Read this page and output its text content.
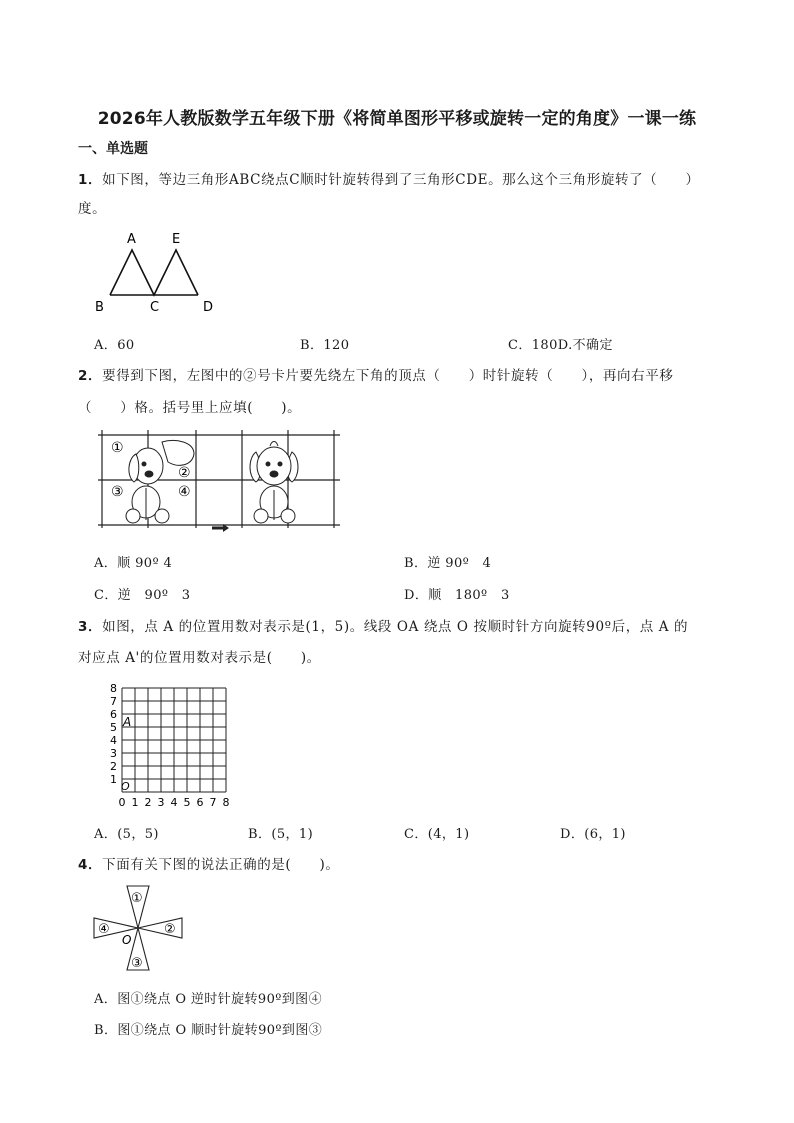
2026年人教版数学五年级下册《将简单图形平移或旋转一定的角度》一课一练
一、单选题
1．如下图，等边三角形ABC绕点C顺时针旋转得到了三角形CDE。那么这个三角形旋转了（　　）
度。
A	E
B	C	D
A．60	B．120	C．180D.不确定
2．要得到下图，左图中的②号卡片要先绕左下角的顶点（　　）时针旋转（　　），再向右平移
（　　）格。括号里上应填(　　)。
①
②
③	④
A．顺 90º 4	B．逆 90º　4
C．逆　90º　3	D．顺　180º　3
3．如图，点 A 的位置用数对表示是(1，5)。线段 OA 绕点 O 按顺时针方向旋转90º后，点 A 的
对应点 A'的位置用数对表示是(　　)。
0 1 2 3 4 5 6 7 8
1
2
3
4
5
6
7
8
A
O
A．(5，5)	B．(5，1)	C．(4，1)	D．(6，1)
4．下面有关下图的说法正确的是(　　)。
①
②
③
④
O
A．图①绕点 O 逆时针旋转90º到图④
B．图①绕点 O 顺时针旋转90º到图③
